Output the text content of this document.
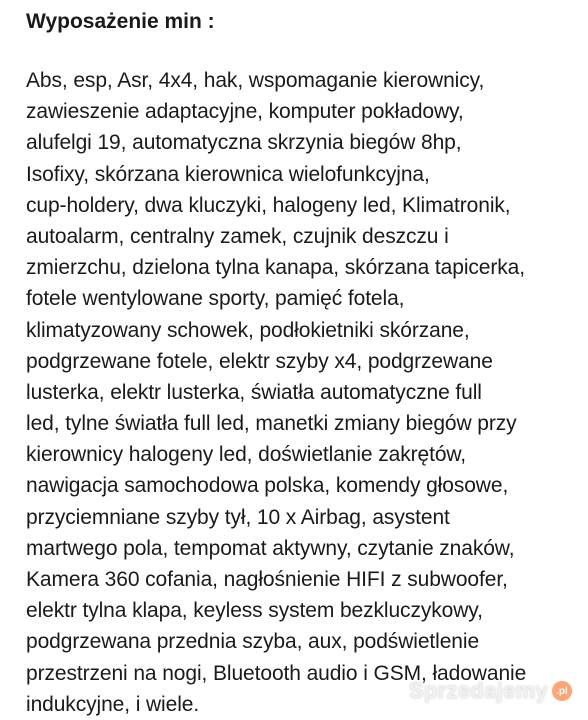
Wyposażenie min :
Abs, esp, Asr, 4x4, hak, wspomaganie kierownicy,
zawieszenie adaptacyjne, komputer pokładowy,
alufelgi 19, automatyczna skrzynia biegów 8hp,
Isofixy, skórzana kierownica wielofunkcyjna,
cup-holdery, dwa kluczyki, halogeny led, Klimatronik,
autoalarm, centralny zamek, czujnik deszczu i
zmierzchu, dzielona tylna kanapa, skórzana tapicerka,
fotele wentylowane sporty, pamięć fotela,
klimatyzowany schowek, podłokietniki skórzane,
podgrzewane fotele, elektr szyby x4, podgrzewane
lusterka, elektr lusterka, światła automatyczne full
led, tylne światła full led, manetki zmiany biegów przy
kierownicy halogeny led, doświetlanie zakrętów,
nawigacja samochodowa polska, komendy głosowe,
przyciemniane szyby tył, 10 x Airbag, asystent
martwego pola, tempomat aktywny, czytanie znaków,
Kamera 360 cofania, nagłośnienie HIFI z subwoofer,
elektr tylna klapa, keyless system bezkluczykowy,
podgrzewana przednia szyba, aux, podświetlenie
przestrzeni na nogi, Bluetooth audio i GSM, ładowanie
indukcyjne, i wiele.
Sprzedajemy .pl
